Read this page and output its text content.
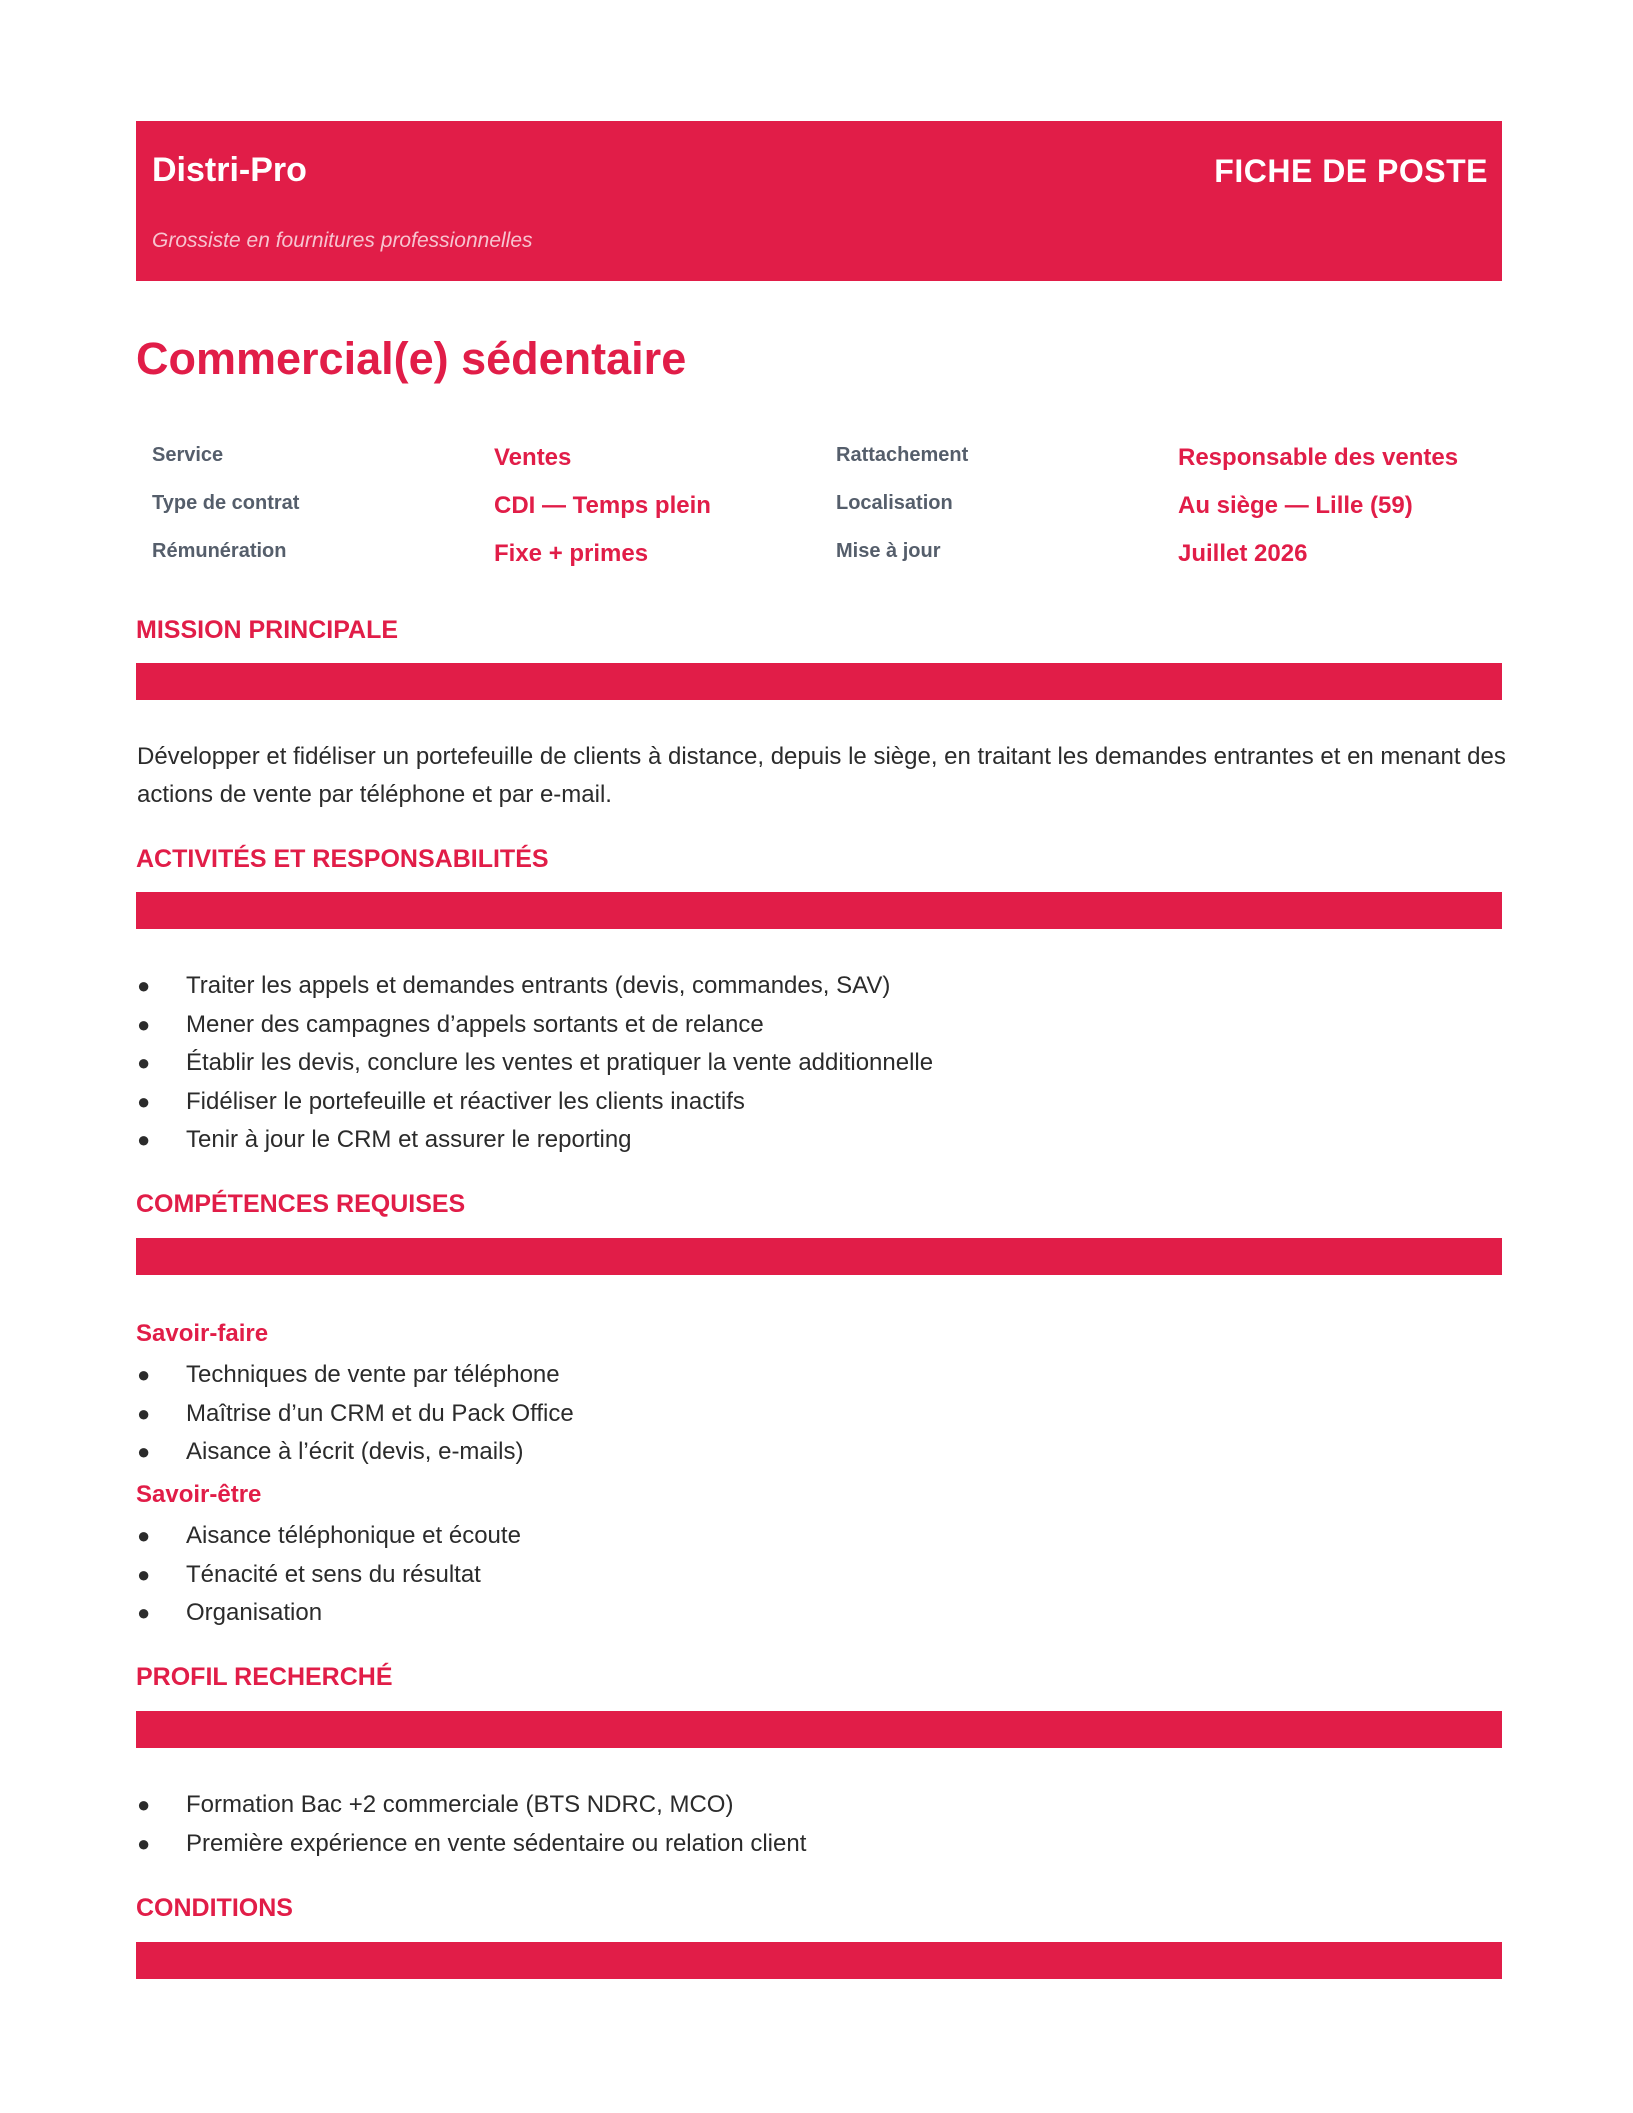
Distri-Pro
Grossiste en fournitures professionnelles
FICHE DE POSTE
Commercial(e) sédentaire
Service	Ventes	Rattachement	Responsable des ventes
Type de contrat	CDI — Temps plein	Localisation	Au siège — Lille (59)
Rémunération	Fixe + primes	Mise à jour	Juillet 2026
MISSION PRINCIPALE

Développer et fidéliser un portefeuille de clients à distance, depuis le siège, en traitant les demandes entrantes et en menant des actions de vente par téléphone et par e-mail.

ACTIVITÉS ET RESPONSABILITÉS
● Traiter les appels et demandes entrants (devis, commandes, SAV)
● Mener des campagnes d’appels sortants et de relance
● Établir les devis, conclure les ventes et pratiquer la vente additionnelle
● Fidéliser le portefeuille et réactiver les clients inactifs
● Tenir à jour le CRM et assurer le reporting
COMPÉTENCES REQUISES
Savoir-faire
● Techniques de vente par téléphone
● Maîtrise d’un CRM et du Pack Office
● Aisance à l’écrit (devis, e-mails)
Savoir-être
● Aisance téléphonique et écoute
● Ténacité et sens du résultat
● Organisation
PROFIL RECHERCHÉ
● Formation Bac +2 commerciale (BTS NDRC, MCO)
● Première expérience en vente sédentaire ou relation client
CONDITIONS
